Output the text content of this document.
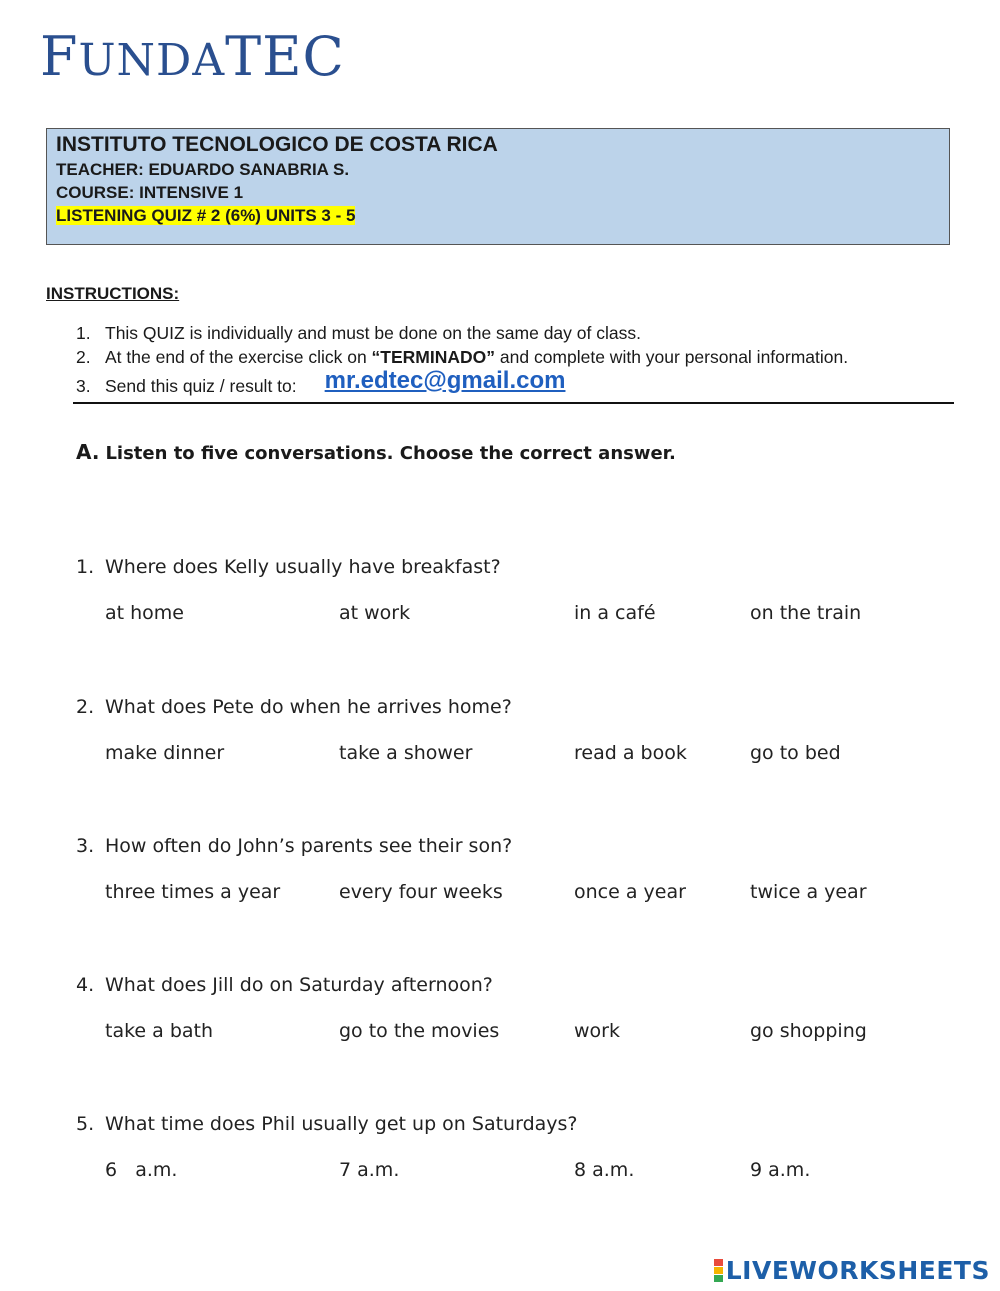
FUNDATEC
INSTITUTO TECNOLOGICO DE COSTA RICA
TEACHER: EDUARDO SANABRIA S.
COURSE: INTENSIVE 1
LISTENING QUIZ # 2 (6%) UNITS 3 - 5
INSTRUCTIONS:
1. This QUIZ is individually and must be done on the same day of class.
2. At the end of the exercise click on “TERMINADO” and complete with your personal information.
3. Send this quiz / result to: mr.edtec@gmail.com
A. Listen to five conversations. Choose the correct answer.
1. Where does Kelly usually have breakfast?
at home	at work	in a café	on the train
2. What does Pete do when he arrives home?
make dinner	take a shower	read a book	go to bed
3. How often do John’s parents see their son?
three times a year	every four weeks	once a year	twice a year
4. What does Jill do on Saturday afternoon?
take a bath	go to the movies	work	go shopping
5. What time does Phil usually get up on Saturdays?
6   a.m.	7 a.m.	8 a.m.	9 a.m.
LIVEWORKSHEETS
